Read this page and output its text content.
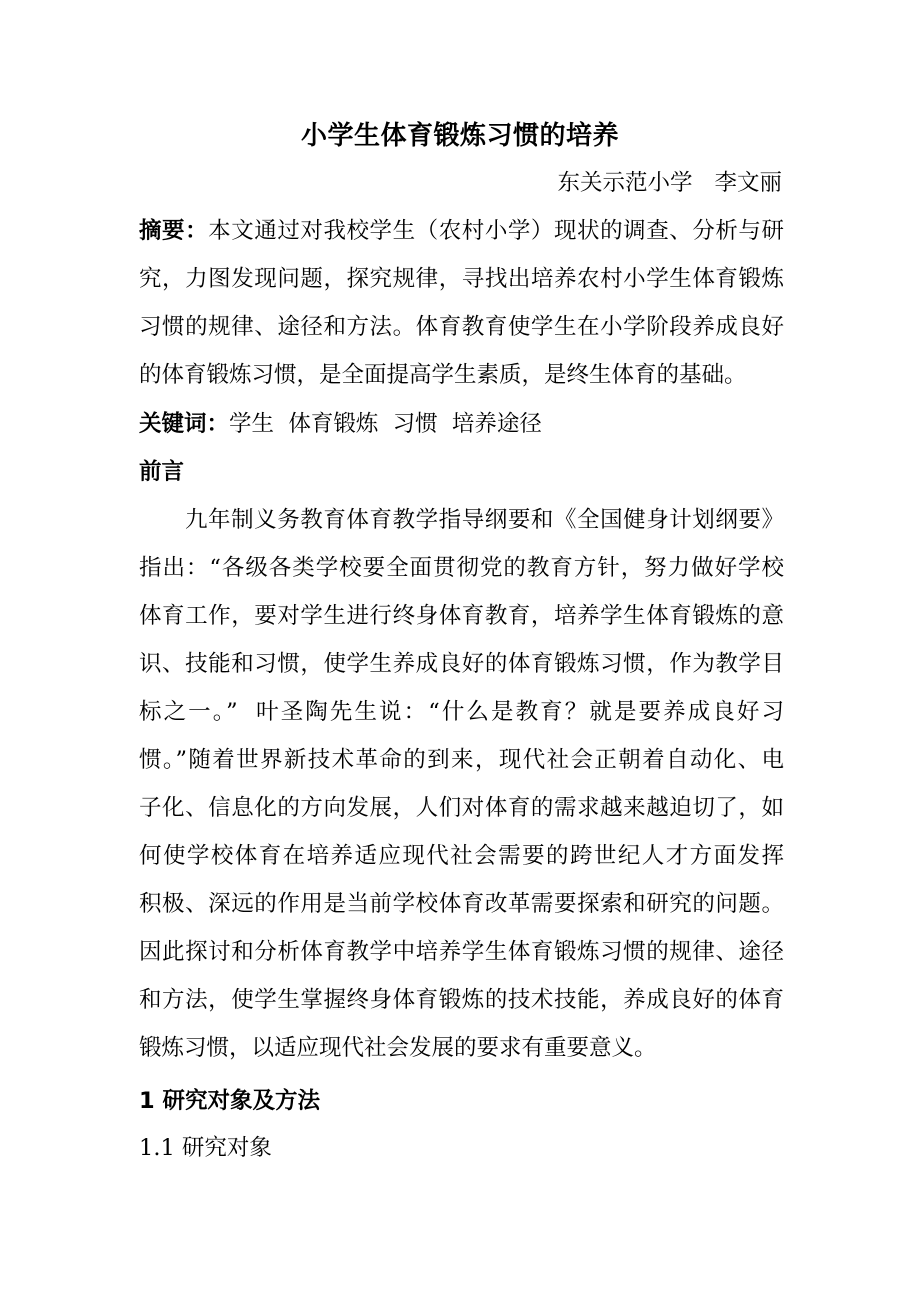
小学生体育锻炼习惯的培养
东关示范小学 李文丽
摘要：本文通过对我校学生（农村小学）现状的调查、分析与研
究，力图发现问题，探究规律，寻找出培养农村小学生体育锻炼
习惯的规律、途径和方法。体育教育使学生在小学阶段养成良好
的体育锻炼习惯，是全面提高学生素质，是终生体育的基础。
关键词：学生  体育锻炼  习惯  培养途径
前言
九年制义务教育体育教学指导纲要和《全国健身计划纲要》
指出：“各级各类学校要全面贯彻党的教育方针，努力做好学校
体育工作，要对学生进行终身体育教育，培养学生体育锻炼的意
识、技能和习惯，使学生养成良好的体育锻炼习惯，作为教学目
标之一。”  叶圣陶先生说：“什么是教育？就是要养成良好习
惯。”随着世界新技术革命的到来，现代社会正朝着自动化、电
子化、信息化的方向发展，人们对体育的需求越来越迫切了，如
何使学校体育在培养适应现代社会需要的跨世纪人才方面发挥
积极、深远的作用是当前学校体育改革需要探索和研究的问题。
因此探讨和分析体育教学中培养学生体育锻炼习惯的规律、途径
和方法，使学生掌握终身体育锻炼的技术技能，养成良好的体育
锻炼习惯，以适应现代社会发展的要求有重要意义。
1 研究对象及方法
1.1 研究对象
